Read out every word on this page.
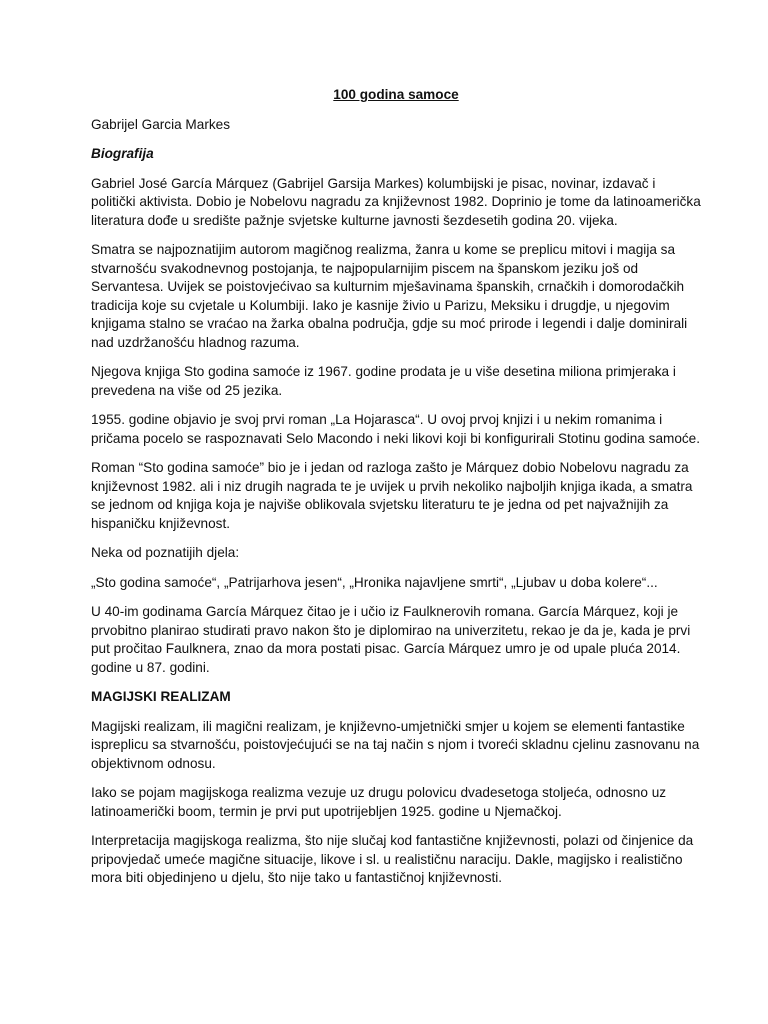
100 godina samoce
Gabrijel Garcia Markes
Biografija

Gabriel José García Márquez (Gabrijel Garsija Markes) kolumbijski je pisac, novinar, izdavač i politički aktivista. Dobio je Nobelovu nagradu za književnost 1982. Doprinio je tome da latinoamerička literatura dođe u središte pažnje svjetske kulturne javnosti šezdesetih godina 20. vijeka.

Smatra se najpoznatijim autorom magičnog realizma, žanra u kome se preplicu mitovi i magija sa stvarnošću svakodnevnog postojanja, te najpopularnijim piscem na španskom jeziku još od Servantesa. Uvijek se poistovjećivao sa kulturnim mješavinama španskih, crnačkih i domorodačkih tradicija koje su cvjetale u Kolumbiji. Iako je kasnije živio u Parizu, Meksiku i drugdje, u njegovim knjigama stalno se vraćao na žarka obalna područja, gdje su moć prirode i legendi i dalje dominirali nad uzdržanošću hladnog razuma.

Njegova knjiga Sto godina samoće iz 1967. godine prodata je u više desetina miliona primjeraka i prevedena na više od 25 jezika.

1955. godine objavio je svoj prvi roman „La Hojarasca“. U ovoj prvoj knjizi i u nekim romanima i pričama pocelo se raspoznavati Selo Macondo i neki likovi koji bi konfigurirali Stotinu godina samoće.

Roman “Sto godina samoće” bio je i jedan od razloga zašto je Márquez dobio Nobelovu nagradu za književnost 1982. ali i niz drugih nagrada te je uvijek u prvih nekoliko najboljih knjiga ikada, a smatra se jednom od knjiga koja je najviše oblikovala svjetsku literaturu te je jedna od pet najvažnijih za hispaničku književnost.

Neka od poznatijih djela:

„Sto godina samoće“, „Patrijarhova jesen“, „Hronika najavljene smrti“, „Ljubav u doba kolere“...

U 40-im godinama García Márquez čitao je i učio iz Faulknerovih romana. García Márquez, koji je prvobitno planirao studirati pravo nakon što je diplomirao na univerzitetu, rekao je da je, kada je prvi put pročitao Faulknera, znao da mora postati pisac. García Márquez umro je od upale pluća 2014. godine u 87. godini.

MAGIJSKI REALIZAM

Magijski realizam, ili magični realizam, je književno-umjetnički smjer u kojem se elementi fantastike ispreplicu sa stvarnošću, poistovjećujući se na taj način s njom i tvoreći skladnu cjelinu zasnovanu na objektivnom odnosu.

Iako se pojam magijskoga realizma vezuje uz drugu polovicu dvadesetoga stoljeća, odnosno uz latinoamerički boom, termin je prvi put upotrijebljen 1925. godine u Njemačkoj.

Interpretacija magijskoga realizma, što nije slučaj kod fantastične književnosti, polazi od činjenice da pripovjedač umeće magične situacije, likove i sl. u realističnu naraciju. Dakle, magijsko i realistično mora biti objedinjeno u djelu, što nije tako u fantastičnoj književnosti.
